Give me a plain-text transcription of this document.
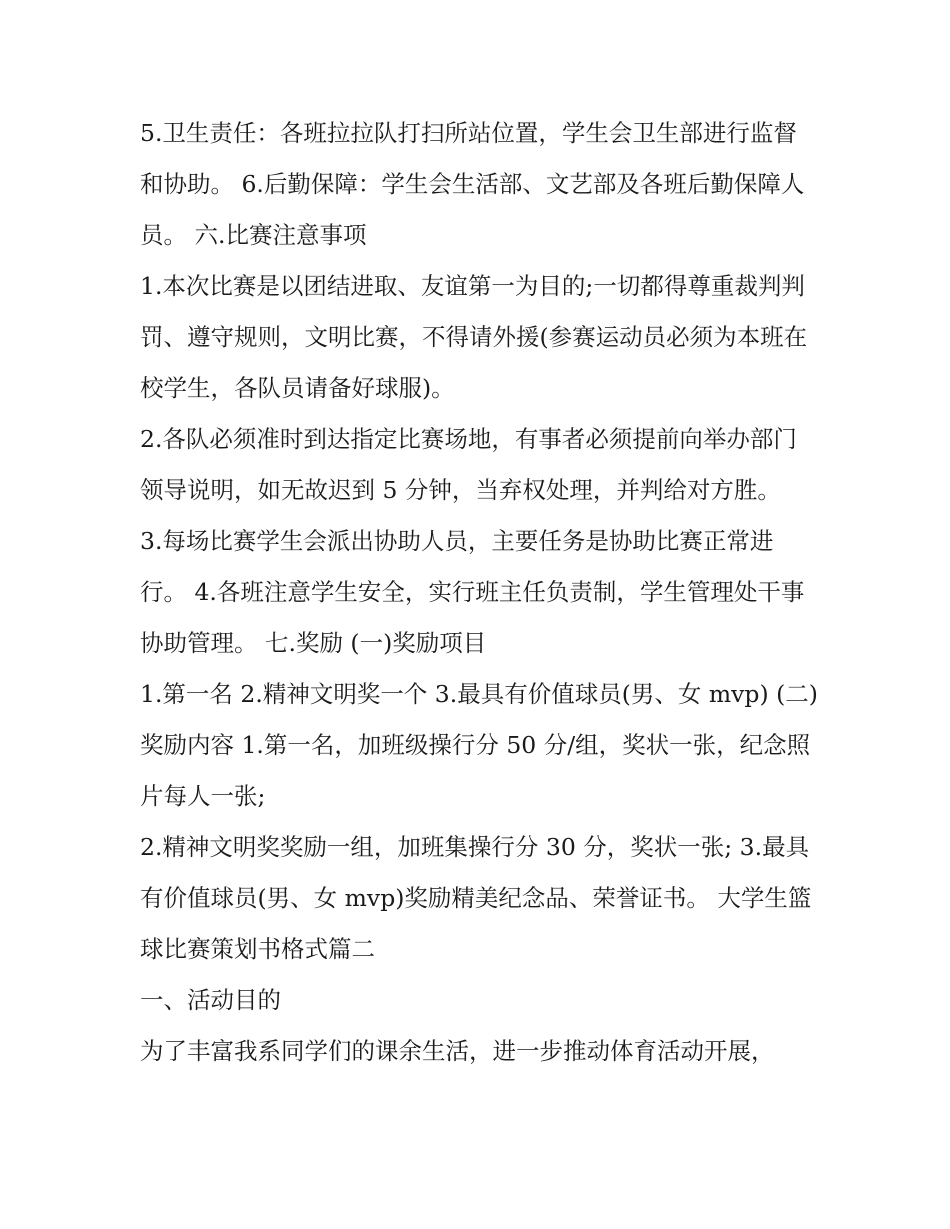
5.卫生责任：各班拉拉队打扫所站位置，学生会卫生部进行监督和协助。 6.后勤保障：学生会生活部、文艺部及各班后勤保障人员。 六.比赛注意事项

1.本次比赛是以团结进取、友谊第一为目的;一切都得尊重裁判判罚、遵守规则，文明比赛，不得请外援(参赛运动员必须为本班在校学生，各队员请备好球服)。

2.各队必须准时到达指定比赛场地，有事者必须提前向举办部门领导说明，如无故迟到 5 分钟，当弃权处理，并判给对方胜。

3.每场比赛学生会派出协助人员，主要任务是协助比赛正常进行。 4.各班注意学生安全，实行班主任负责制，学生管理处干事协助管理。 七.奖励 (一)奖励项目

1.第一名 2.精神文明奖一个 3.最具有价值球员(男、女 mvp) (二)奖励内容 1.第一名，加班级操行分 50 分/组，奖状一张，纪念照片每人一张;

2.精神文明奖奖励一组，加班集操行分 30 分，奖状一张; 3.最具有价值球员(男、女 mvp)奖励精美纪念品、荣誉证书。 大学生篮球比赛策划书格式篇二

一、活动目的

为了丰富我系同学们的课余生活，进一步推动体育活动开展，
